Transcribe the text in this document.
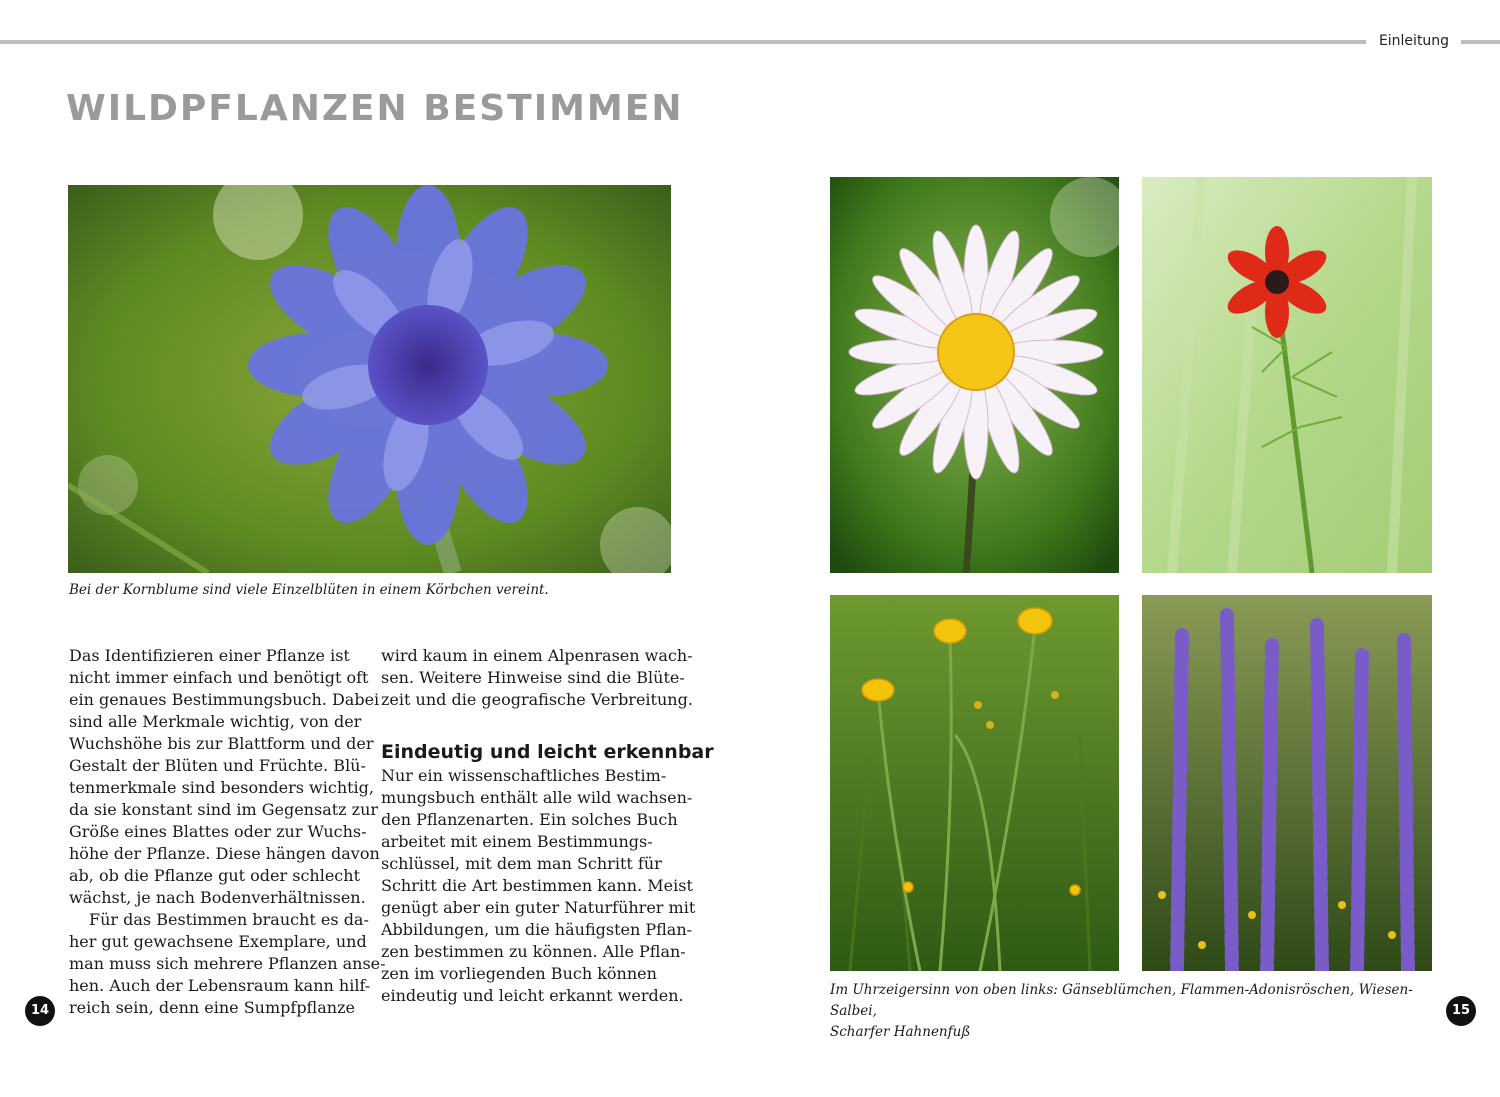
Einleitung
WILDPFLANZEN BESTIMMEN

Bei der Kornblume sind viele Einzelblüten in einem Körbchen vereint.

Das Identifizieren einer Pflanze ist

nicht immer einfach und benötigt oft

ein genaues Bestimmungsbuch. Dabei

sind alle Merkmale wichtig, von der

Wuchshöhe bis zur Blattform und der

Gestalt der Blüten und Früchte. Blü-

tenmerkmale sind besonders wichtig,

da sie konstant sind im Gegensatz zur

Größe eines Blattes oder zur Wuchs-

höhe der Pflanze. Diese hängen davon

ab, ob die Pflanze gut oder schlecht

wächst, je nach Bodenverhältnissen.

Für das Bestimmen braucht es da-

her gut gewachsene Exemplare, und

man muss sich mehrere Pflanzen anse-

hen. Auch der Lebensraum kann hilf-

reich sein, denn eine Sumpfpflanze

wird kaum in einem Alpenrasen wach-

sen. Weitere Hinweise sind die Blüte-

zeit und die geografische Verbreitung.

Eindeutig und leicht erkennbar

Nur ein wissenschaftliches Bestim-

mungsbuch enthält alle wild wachsen-

den Pflanzenarten. Ein solches Buch

arbeitet mit einem Bestimmungs-

schlüssel, mit dem man Schritt für

Schritt die Art bestimmen kann. Meist

genügt aber ein guter Naturführer mit

Abbildungen, um die häufigsten Pflan-

zen bestimmen zu können. Alle Pflan-

zen im vorliegenden Buch können

eindeutig und leicht erkannt werden.	Im Uhrzeigersinn von oben links: Gänseblümchen, Flammen-Adonisröschen, Wiesen-Salbei,
Scharfer Hahnenfuß

14	15
